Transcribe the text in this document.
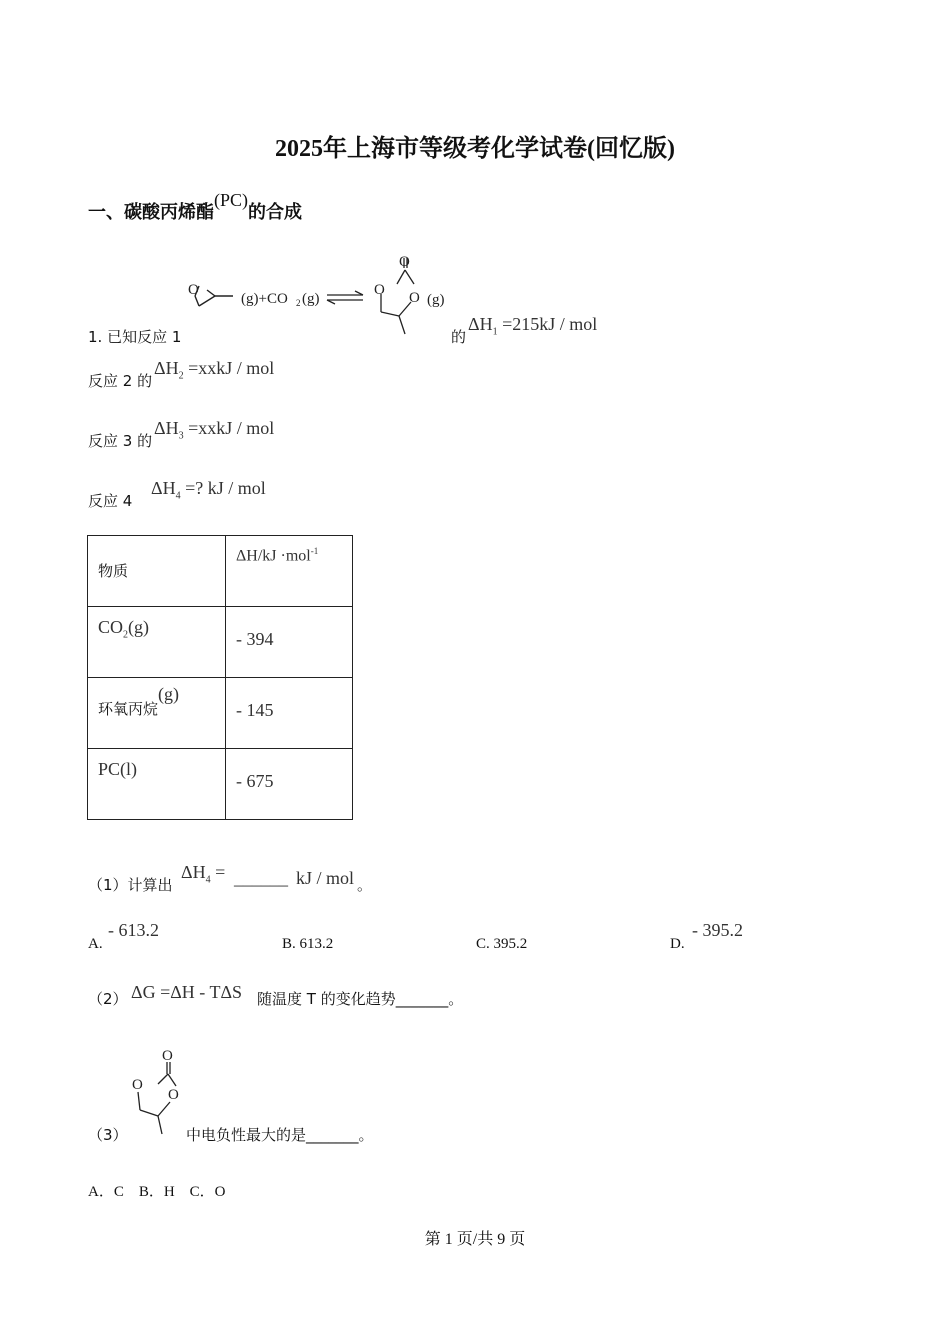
2025年上海市等级考化学试卷(回忆版)
一、碳酸丙烯酯(PC)的合成
O
(g)+CO 2 (g)
O
O O (g)
1. 已知反应 1	的
$\Delta H_1 =215kJ$ / mol
反应 2 的
$\Delta H_2$ =xxkJ / mol
反应 3 的
$\Delta H_3$ =xxkJ / mol
反应 4
$\Delta H_4$ =? kJ / mol
物质	ΔH/kJ ·mol$^{-1}$

$CO_2(g)$	- 394

环氧丙烷(g)	- 145

PC(l)	- 675
（1）计算出
$\Delta H_4$ = ______ kJ / mol 。
A.
- 613.2
B. 613.2	C. 395.2	D.
- 395.2
（2） ΔG =ΔH - TΔS 随温度 T 的变化趋势_______。
O
O
O
（3）	中电负性最大的是_______。
A．C    B．H    C．O
第 1 页/共 9 页
